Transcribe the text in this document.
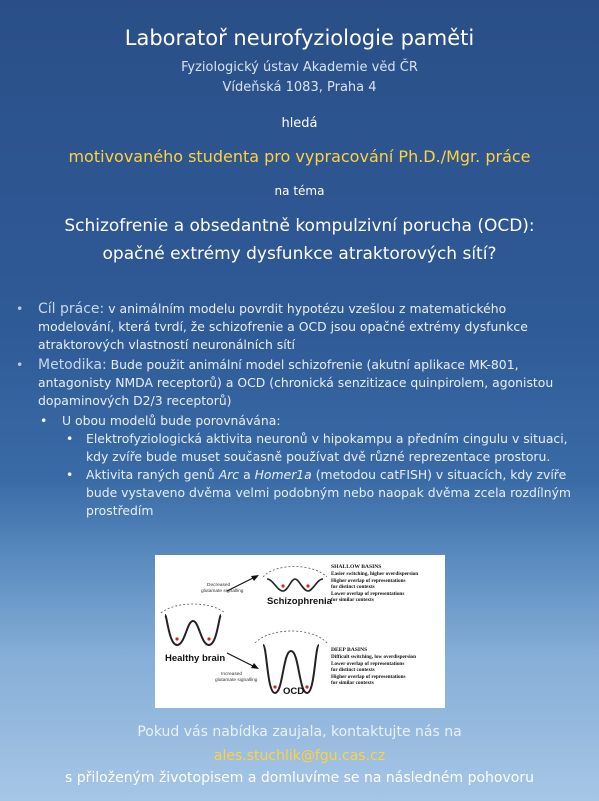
Laboratoř neurofyziologie paměti
Fyziologický ústav Akademie věd ČR
Vídeňská 1083, Praha 4
hledá
motivovaného studenta pro vypracování Ph.D./Mgr. práce
na téma
Schizofrenie a obsedantně kompulzivní porucha (OCD):
opačné extrémy dysfunkce atraktorových sítí?
• Cíl práce: v animálním modelu povrdit hypotézu vzešlou z matematického modelování, která tvrdí, že schizofrenie a OCD jsou opačné extrémy dysfunkce atraktorových vlastností neuronálních sítí
• Metodika: Bude použit animální model schizofrenie (akutní aplikace MK-801, antagonisty NMDA receptorů) a OCD (chronická senzitizace quinpirolem, agonistou dopaminových D2/3 receptorů)
• U obou modelů bude porovnávána:
• Elektrofyziologická aktivita neuronů v hipokampu a předním cingulu v situaci, kdy zvíře bude muset současně používat dvě různé reprezentace prostoru.
• Aktivita raných genů Arc a Homer1a (metodou catFISH) v situacích, kdy zvíře bude vystaveno dvěma velmi podobným nebo naopak dvěma zcela rozdílným prostředím
Schizophrenia
SHALLOW BASINS
Easier switching, higher overdispersion
Higher overlap of representations
for distinct contexts
Lower overlap of representations
for similar contexts
Decreased
glutamate signalling
Healthy brain
Increased
glutamate signalling
OCD
DEEP BASINS
Difficult switching, low overdispersion
Lower overlap of representations
for distinct contexts
Higher overlap of representations
for similar contexts
Pokud vás nabídka zaujala, kontaktujte nás na
ales.stuchlik@fgu.cas.cz
s přiloženým životopisem a domluvíme se na následném pohovoru
